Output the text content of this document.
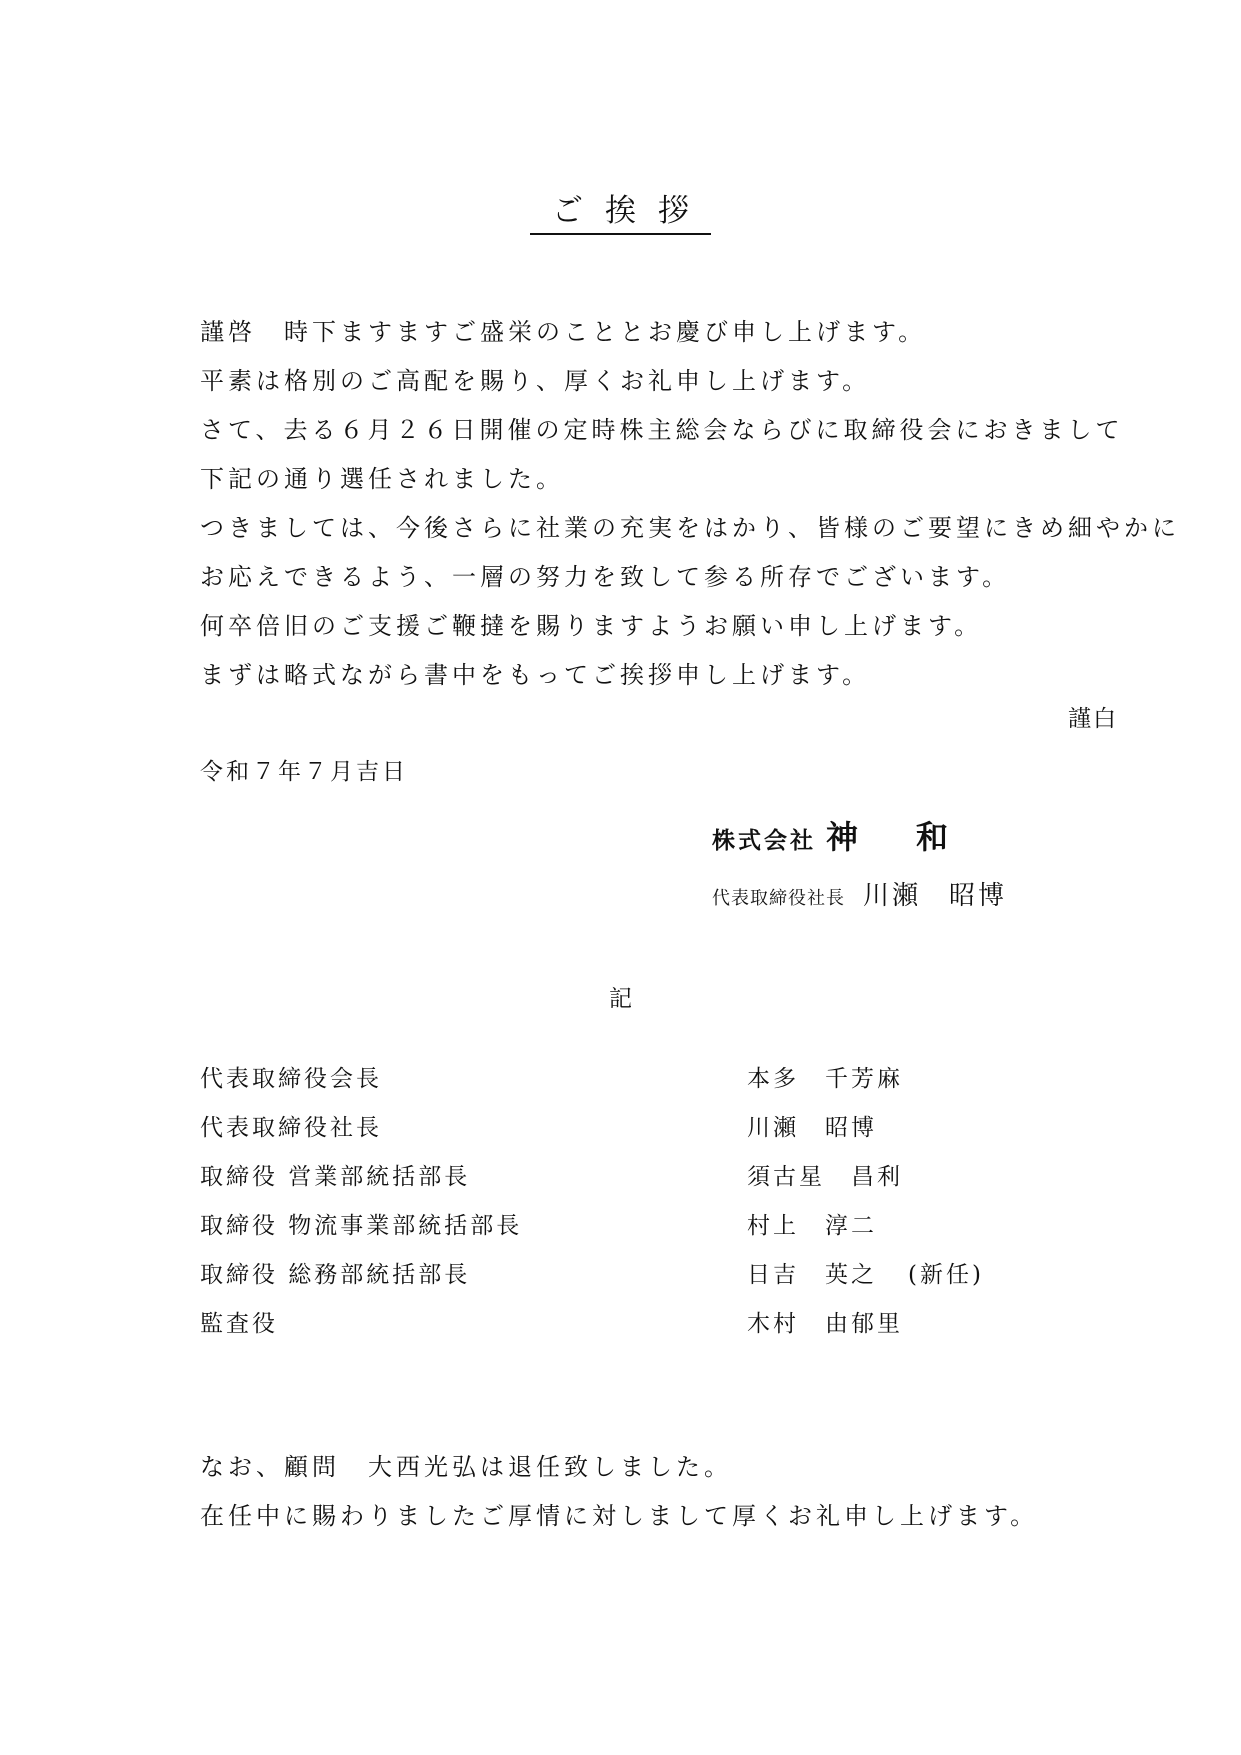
ご挨拶
謹啓　時下ますますご盛栄のこととお慶び申し上げます。
平素は格別のご高配を賜り、厚くお礼申し上げます。
さて、去る６月２６日開催の定時株主総会ならびに取締役会におきまして
下記の通り選任されました。
つきましては、今後さらに社業の充実をはかり、皆様のご要望にきめ細やかに
お応えできるよう、一層の努力を致して参る所存でございます。
何卒倍旧のご支援ご鞭撻を賜りますようお願い申し上げます。
まずは略式ながら書中をもってご挨拶申し上げます。
謹白
令和７年７月吉日
株式会社 神和
代表取締役社長 川瀬 昭博
記
代表取締役会長	本多 千芳麻
代表取締役社長	川瀬 昭博
取締役 営業部統括部長	須古星 昌利
取締役 物流事業部統括部長	村上 淳二
取締役 総務部統括部長	日吉 英之 (新任)
監査役	木村 由郁里
なお、顧問　大西光弘は退任致しました。
在任中に賜わりましたご厚情に対しまして厚くお礼申し上げます。
